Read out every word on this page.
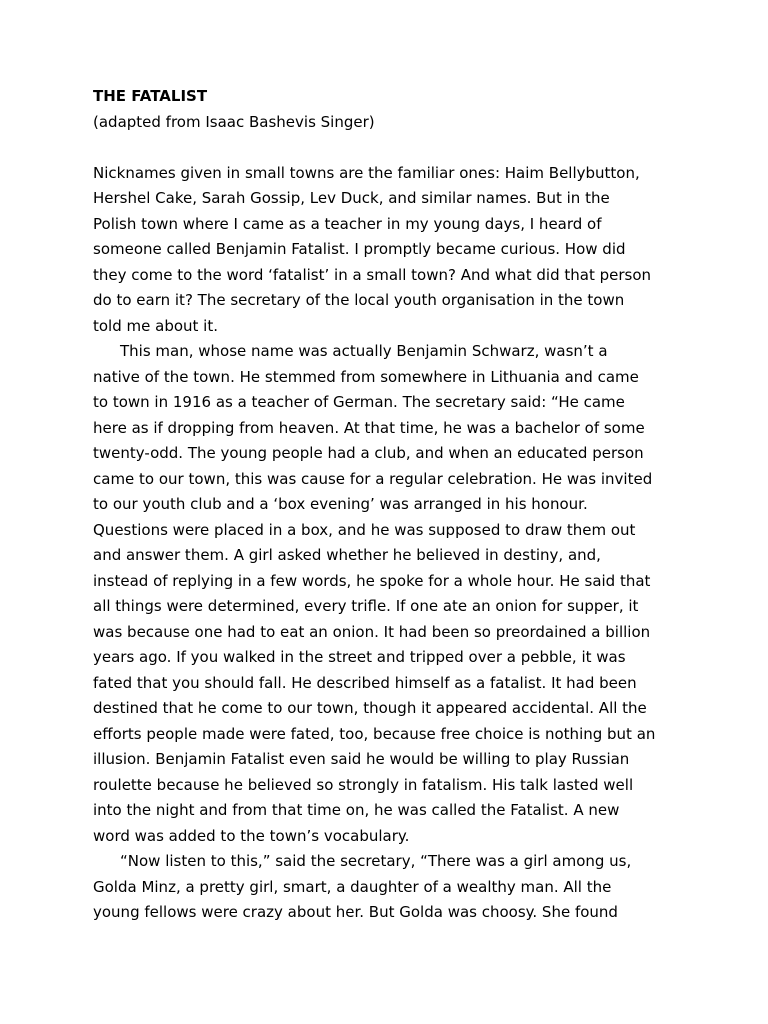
THE FATALIST

(adapted from Isaac Bashevis Singer)

Nicknames given in small towns are the familiar ones: Haim Bellybutton,
Hershel Cake, Sarah Gossip, Lev Duck, and similar names. But in the
Polish town where I came as a teacher in my young days, I heard of
someone called Benjamin Fatalist. I promptly became curious. How did
they come to the word ‘fatalist’ in a small town? And what did that person
do to earn it? The secretary of the local youth organisation in the town
told me about it.
This man, whose name was actually Benjamin Schwarz, wasn’t a
native of the town. He stemmed from somewhere in Lithuania and came
to town in 1916 as a teacher of German. The secretary said: “He came
here as if dropping from heaven. At that time, he was a bachelor of some
twenty-odd. The young people had a club, and when an educated person
came to our town, this was cause for a regular celebration. He was invited
to our youth club and a ‘box evening’ was arranged in his honour.
Questions were placed in a box, and he was supposed to draw them out
and answer them. A girl asked whether he believed in destiny, and,
instead of replying in a few words, he spoke for a whole hour. He said that
all things were determined, every trifle. If one ate an onion for supper, it
was because one had to eat an onion. It had been so preordained a billion
years ago. If you walked in the street and tripped over a pebble, it was
fated that you should fall. He described himself as a fatalist. It had been
destined that he come to our town, though it appeared accidental. All the
efforts people made were fated, too, because free choice is nothing but an
illusion. Benjamin Fatalist even said he would be willing to play Russian
roulette because he believed so strongly in fatalism. His talk lasted well
into the night and from that time on, he was called the Fatalist. A new
word was added to the town’s vocabulary.
“Now listen to this,” said the secretary, “There was a girl among us,
Golda Minz, a pretty girl, smart, a daughter of a wealthy man. All the
young fellows were crazy about her. But Golda was choosy. She found
